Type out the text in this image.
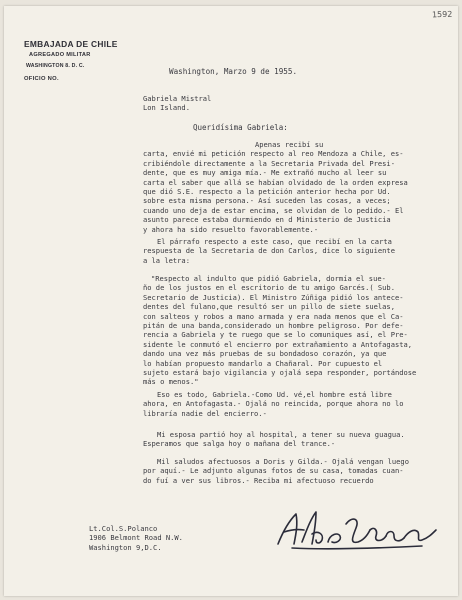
1592
EMBAJADA DE CHILE
AGREGADO MILITAR
WASHINGTON 8. D. C.
OFICIO NO.
Washington, Marzo 9 de 1955.
Gabriela Mistral
Lon Island.
Queridísima Gabriela:
Apenas recibí su
carta, envié mi petición respecto al reo Mendoza a Chile, es-
cribiéndole directamente a la Secretaria Privada del Presi-
dente, que es muy amiga mía.- Me extrañó mucho al leer su
carta el saber que allá se habían olvidado de la orden expresa
que dió S.E. respecto a la petición anterior hecha por Ud.
sobre esta misma persona.- Así suceden las cosas, a veces;
cuando uno deja de estar encima, se olvidan de lo pedido.- El
asunto parece estaba durmiendo en d Ministerio de Justicia
y ahora ha sido resuelto favorablemente.-
El párrafo respecto a este caso, que recibí en la carta
respuesta de la Secretaria de don Carlos, dice lo siguiente
a la letra:
"Respecto al indulto que pidió Gabriela, dormía el sue-
ño de los justos en el escritorio de tu amigo Garcés.( Sub.
Secretario de Justicia). El Ministro Zúñiga pidió los antece-
dentes del fulano,que resultó ser un pillo de siete suelas,
con salteos y robos a mano armada y era nada menos que el Ca-
pitán de una banda,considerado un hombre peligroso. Por defe-
rencia a Gabriela y te ruego que se lo comuniques así, el Pre-
sidente le conmutó el encierro por extrañamiento a Antofagasta,
dando una vez más pruebas de su bondadoso corazón, ya que
lo habían propuesto mandarlo a Chañaral. Por cupuesto el
sujeto estará bajo vigilancia y ojalá sepa responder, portándose
más o menos."
Eso es todo, Gabriela.-Como Ud. vé,el hombre está libre
ahora, en Antofagasta.- Ojalá no reincida, porque ahora no lo
libraría nadie del encierro.-
Mi esposa partió hoy al hospital, a tener su nueva guagua.
Esperamos que salga hoy o mañana del trance.-
Mil saludos afectuosos a Doris y Gilda.- Ojalá vengan luego
por aquí.- Le adjunto algunas fotos de su casa, tomadas cuan-
do fuí a ver sus libros.- Reciba mi afectuoso recuerdo
Lt.Col.S.Polanco
1906 Belmont Road N.W.
Washington 9,D.C.
